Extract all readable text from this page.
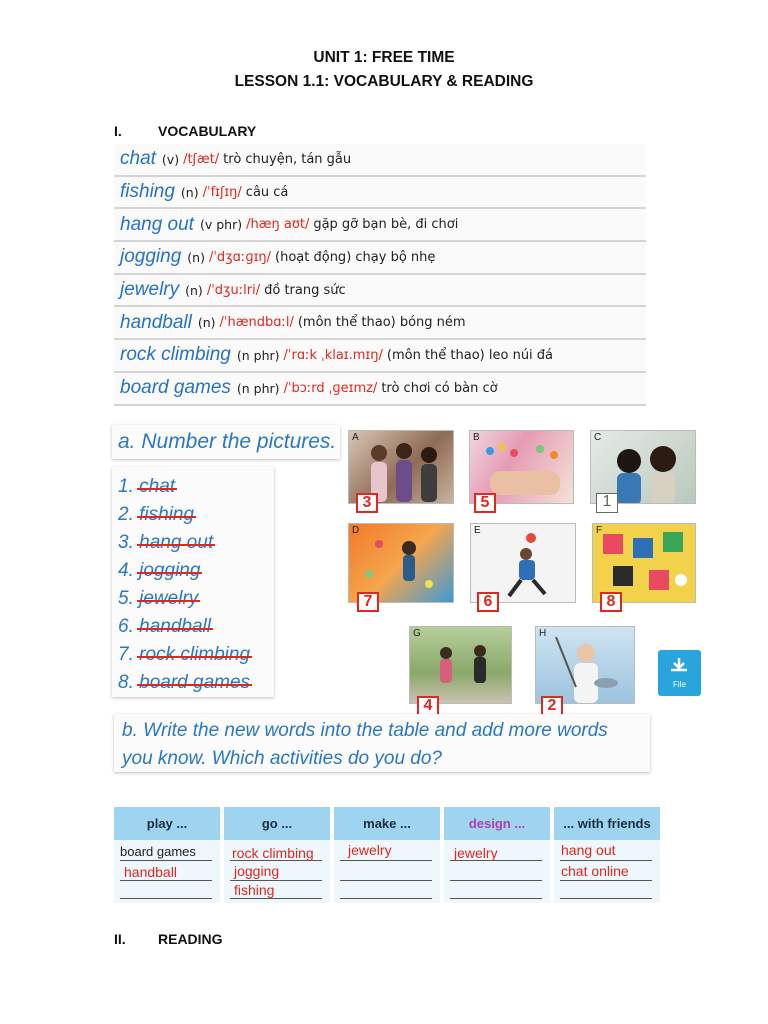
UNIT 1: FREE TIME
LESSON 1.1: VOCABULARY & READING
I.	VOCABULARY
chat (v) /tʃæt/ trò chuyện, tán gẫu
fishing (n) /ˈfɪʃɪŋ/ câu cá
hang out (v phr) /hæŋ aʊt/ gặp gỡ bạn bè, đi chơi
jogging (n) /ˈdʒɑːɡɪŋ/ (hoạt động) chạy bộ nhẹ
jewelry (n) /ˈdʒuːlri/ đồ trang sức
handball (n) /ˈhændbɑːl/ (môn thể thao) bóng ném
rock climbing (n phr) /ˈrɑːk ˌklaɪ.mɪŋ/ (môn thể thao) leo núi đá
board games (n phr) /ˈbɔːrd ˌɡeɪmz/ trò chơi có bàn cờ
a. Number the pictures.
1. chat
2. fishing
3. hang out
4. jogging
5. jewelry
6. handball
7. rock climbing
8. board games
A
3
B
5
C
1
D
7
E
6
F
8
G
4
H
2
File
b. Write the new words into the table and add more words you know. Which activities do you do?
play ...
board games
handball
go ...
rock climbing
jogging
fishing
make ...
jewelry
design ...
jewelry
... with friends
hang out
chat online
II. READING
